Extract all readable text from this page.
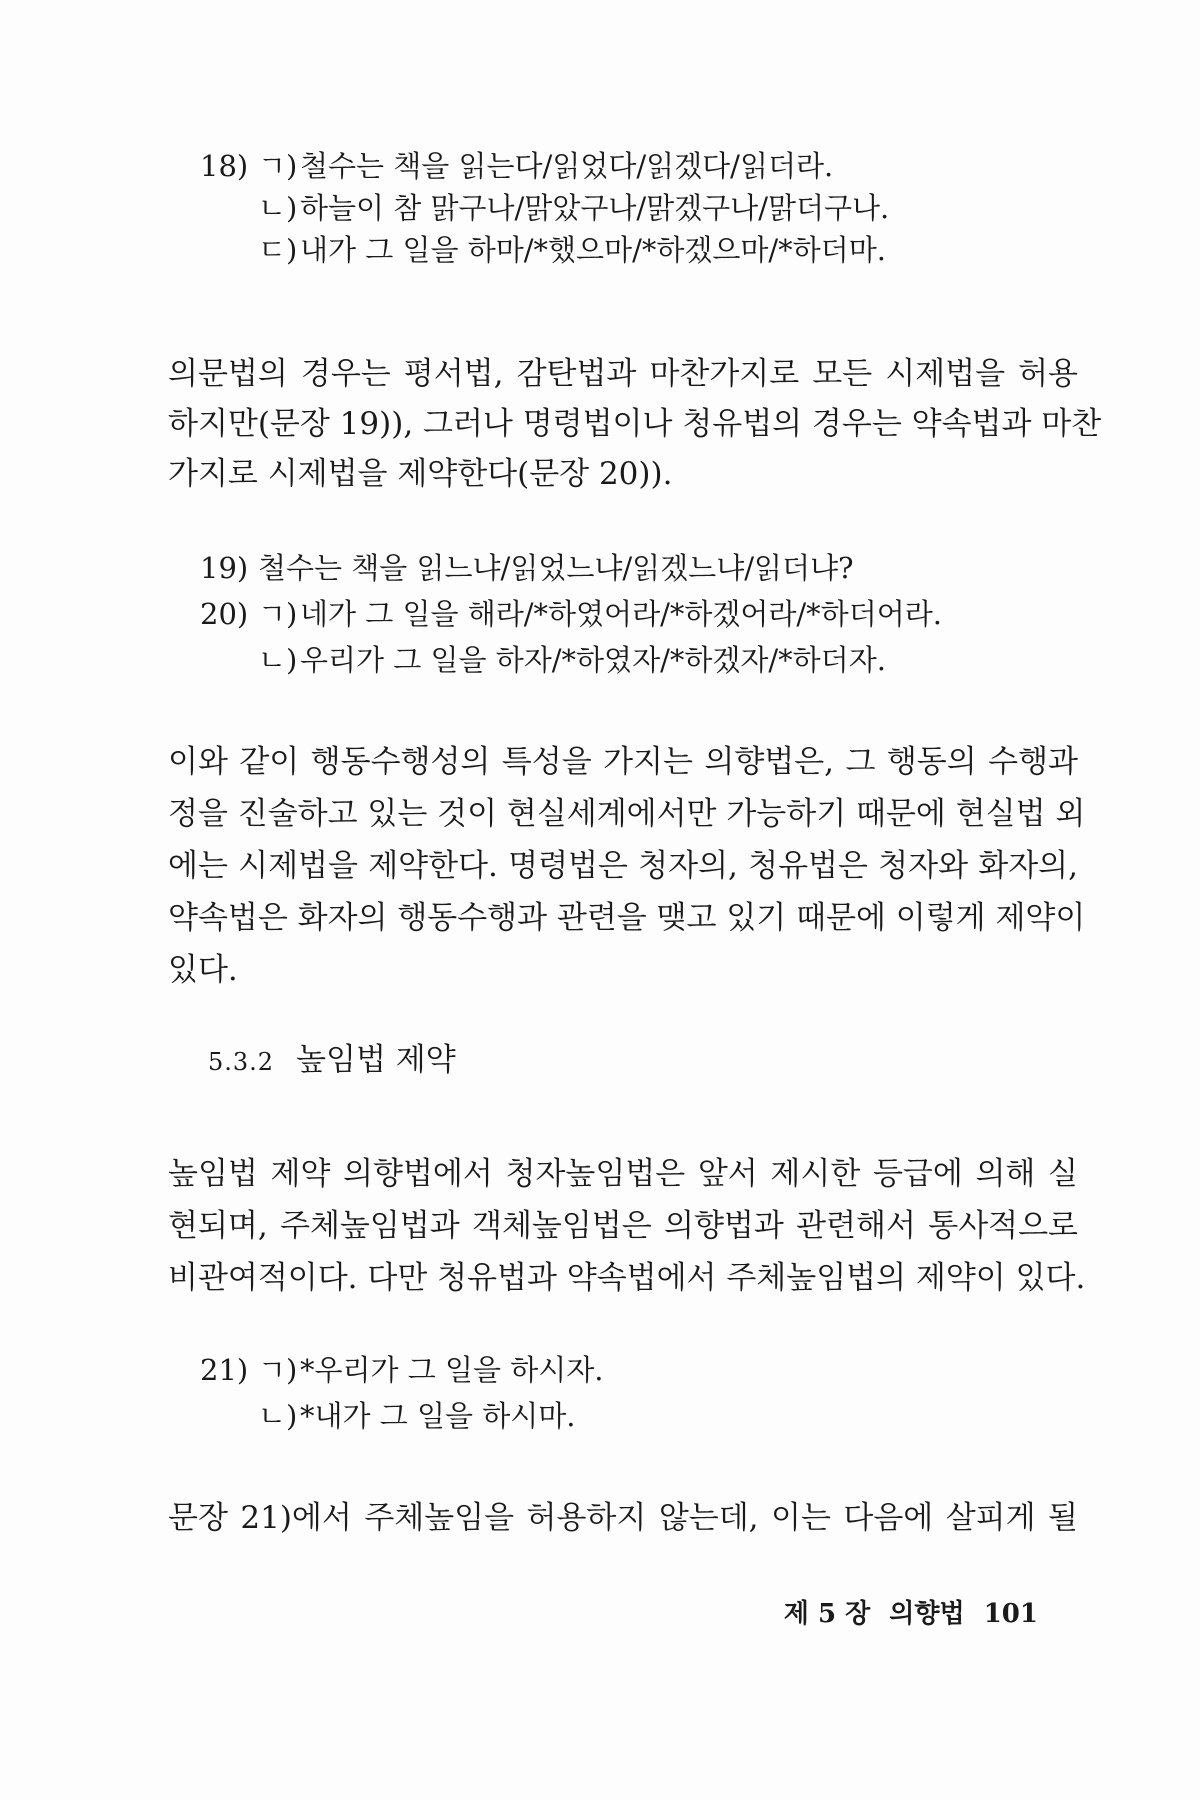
18) ㄱ)철수는 책을 읽는다/읽었다/읽겠다/읽더라.
ㄴ)하늘이 참 맑구나/맑았구나/맑겠구나/맑더구나.
ㄷ)내가 그 일을 하마/*했으마/*하겠으마/*하더마.
의문법의 경우는 평서법, 감탄법과 마찬가지로 모든 시제법을 허용
하지만(문장 19)), 그러나 명령법이나 청유법의 경우는 약속법과 마찬
가지로 시제법을 제약한다(문장 20)).
19) 철수는 책을 읽느냐/읽었느냐/읽겠느냐/읽더냐?
20) ㄱ)네가 그 일을 해라/*하였어라/*하겠어라/*하더어라.
ㄴ)우리가 그 일을 하자/*하였자/*하겠자/*하더자.
이와 같이 행동수행성의 특성을 가지는 의향법은, 그 행동의 수행과
정을 진술하고 있는 것이 현실세계에서만 가능하기 때문에 현실법 외
에는 시제법을 제약한다. 명령법은 청자의, 청유법은 청자와 화자의,
약속법은 화자의 행동수행과 관련을 맺고 있기 때문에 이렇게 제약이
있다.
5.3.2 높임법 제약
높임법 제약 의향법에서 청자높임법은 앞서 제시한 등급에 의해 실
현되며, 주체높임법과 객체높임법은 의향법과 관련해서 통사적으로
비관여적이다. 다만 청유법과 약속법에서 주체높임법의 제약이 있다.
21) ㄱ)*우리가 그 일을 하시자.
ㄴ)*내가 그 일을 하시마.
문장 21)에서 주체높임을 허용하지 않는데, 이는 다음에 살피게 될
제 5 장 의향법 101
